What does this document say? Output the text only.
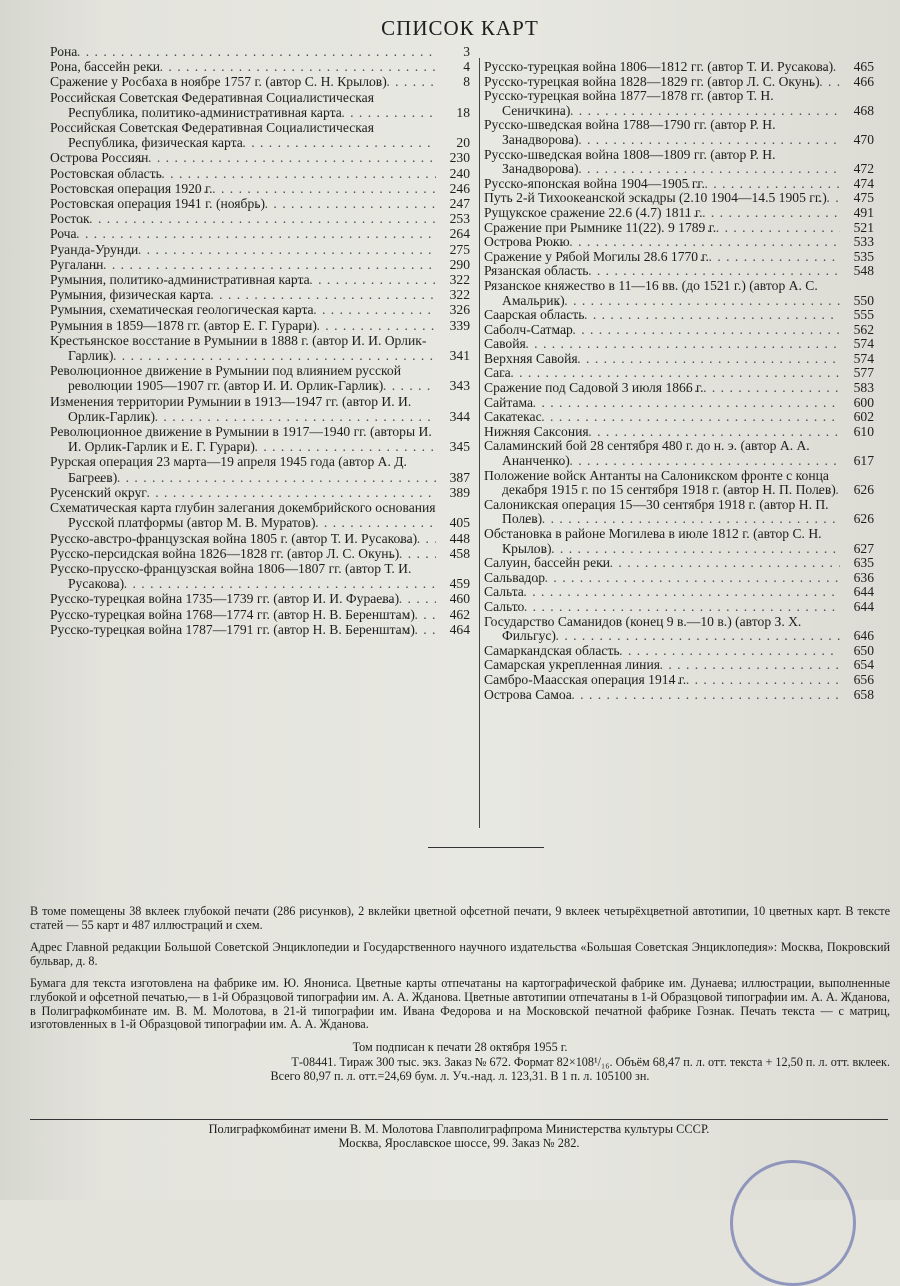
СПИСОК КАРТ
Рона . . .	3
Рона, бассейн реки . . .	4
Сражение у Росбаха в ноябре 1757 г. (автор С. Н. Крылов) . . .	8
Российская Советская Федеративная Социалистическая Республика, политико-административная карта . . .	18
Российская Советская Федеративная Социалистическая Республика, физическая карта . . .	20
Острова Россиян . . .	230
Ростовская область . . .	240
Ростовская операция 1920 г. . . .	246
Ростовская операция 1941 г. (ноябрь) . . .	247
Росток . . .	253
Роча . . .	264
Руанда-Урунди . . .	275
Ругаланн . . .	290
Румыния, политико-административная карта . . .	322
Румыния, физическая карта . . .	322
Румыния, схематическая геологическая карта . . .	326
Румыния в 1859—1878 гг. (автор Е. Г. Гурари) . . .	339
Крестьянское восстание в Румынии в 1888 г. (автор И. И. Орлик-Гарлик) . . .	341
Революционное движение в Румынии под влиянием русской революции 1905—1907 гг. (автор И. И. Орлик-Гарлик) . . .	343
Изменения территории Румынии в 1913—1947 гг. (автор И. И. Орлик-Гарлик) . . .	344
Революционное движение в Румынии в 1917—1940 гг. (авторы И. И. Орлик-Гарлик и Е. Г. Гурари) . . .	345
Рурская операция 23 марта—19 апреля 1945 года (автор А. Д. Багреев) . . .	387
Русенский округ . . .	389
Схематическая карта глубин залегания докембрийского основания Русской платформы (автор М. В. Муратов) . . .	405
Русско-австро-французская война 1805 г. (автор Т. И. Русакова) . . .	448
Русско-персидская война 1826—1828 гг. (автор Л. С. Окунь) . . .	458
Русско-прусско-французская война 1806—1807 гг. (автор Т. И. Русакова) . . .	459
Русско-турецкая война 1735—1739 гг. (автор И. И. Фураева) . . .	460
Русско-турецкая война 1768—1774 гг. (автор Н. В. Беренштам) . . .	462
Русско-турецкая война 1787—1791 гг. (автор Н. В. Беренштам) . . .	464
Русско-турецкая война 1806—1812 гг. (автор Т. И. Русакова) . . .	465
Русско-турецкая война 1828—1829 гг. (автор Л. С. Окунь) . . .	466
Русско-турецкая война 1877—1878 гг. (автор Т. Н. Сеничкина) . . .	468
Русско-шведская война 1788—1790 гг. (автор Р. Н. Занадворова) . . .	470
Русско-шведская война 1808—1809 гг. (автор Р. Н. Занадворова) . . .	472
Русско-японская война 1904—1905 гг. . . .	474
Путь 2-й Тихоокеанской эскадры (2.10 1904—14.5 1905 гг.) . . .	475
Рущукское сражение 22.6 (4.7) 1811 г. . . .	491
Сражение при Рымнике 11(22). 9 1789 г. . . .	521
Острова Рюкю . . .	533
Сражение у Рябой Могилы 28.6 1770 г. . . .	535
Рязанская область . . .	548
Рязанское княжество в 11—16 вв. (до 1521 г.) (автор А. С. Амальрик) . . .	550
Саарская область . . .	555
Саболч-Сатмар . . .	562
Савойя . . .	574
Верхняя Савойя . . .	574
Сага . . .	577
Сражение под Садовой 3 июля 1866 г. . . .	583
Сайтама . . .	600
Сакатекас . . .	602
Нижняя Саксония . . .	610
Саламинский бой 28 сентября 480 г. до н. э. (автор А. А. Ананченко) . . .	617
Положение войск Антанты на Салоникском фронте с конца декабря 1915 г. по 15 сентября 1918 г. (автор Н. П. Полев) . . .	626
Салоникская операция 15—30 сентября 1918 г. (автор Н. П. Полев) . . .	626
Обстановка в районе Могилева в июле 1812 г. (автор С. Н. Крылов) . . .	627
Салуин, бассейн реки . . .	635
Сальвадор . . .	636
Сальта . . .	644
Сальто . . .	644
Государство Саманидов (конец 9 в.—10 в.) (автор З. Х. Фильгус) . . .	646
Самаркандская область . . .	650
Самарская укрепленная линия . . .	654
Самбро-Маасская операция 1914 г. . . .	656
Острова Самоа . . .	658

В томе помещены 38 вклеек глубокой печати (286 рисунков), 2 вклейки цветной офсетной печати, 9 вклеек четырёхцветной автотипии, 10 цветных карт. В тексте статей — 55 карт и 487 иллюстраций и схем.

Адрес Главной редакции Большой Советской Энциклопедии и Государственного научного издательства «Большая Советская Энциклопедия»: Москва, Покровский бульвар, д. 8.

Бумага для текста изготовлена на фабрике им. Ю. Янониса. Цветные карты отпечатаны на картографической фабрике им. Дунаева; иллюстрации, выполненные глубокой и офсетной печатью,— в 1-й Образцовой типографии им. А. А. Жданова. Цветные автотипии отпечатаны в 1-й Образцовой типографии им. А. А. Жданова, в Полиграфкомбинате им. В. М. Молотова, в 21-й типографии им. Ивана Федорова и на Московской печатной фабрике Гознак. Печать текста — с матриц, изготовленных в 1-й Образцовой типографии им. А. А. Жданова.

Том подписан к печати 28 октября 1955 г.

Т-08441. Тираж 300 тыс. экз. Заказ № 672. Формат 82×108¹/₁₆. Объём 68,47 п. л. отт. текста + 12,50 п. л. отт. вклеек.

Всего 80,97 п. л. отт.=24,69 бум. л. Уч.-над. л. 123,31. В 1 п. л. 105100 зн.

Полиграфкомбинат имени В. М. Молотова Главполиграфпрома Министерства культуры СССР.
Москва, Ярославское шоссе, 99. Заказ № 282.
